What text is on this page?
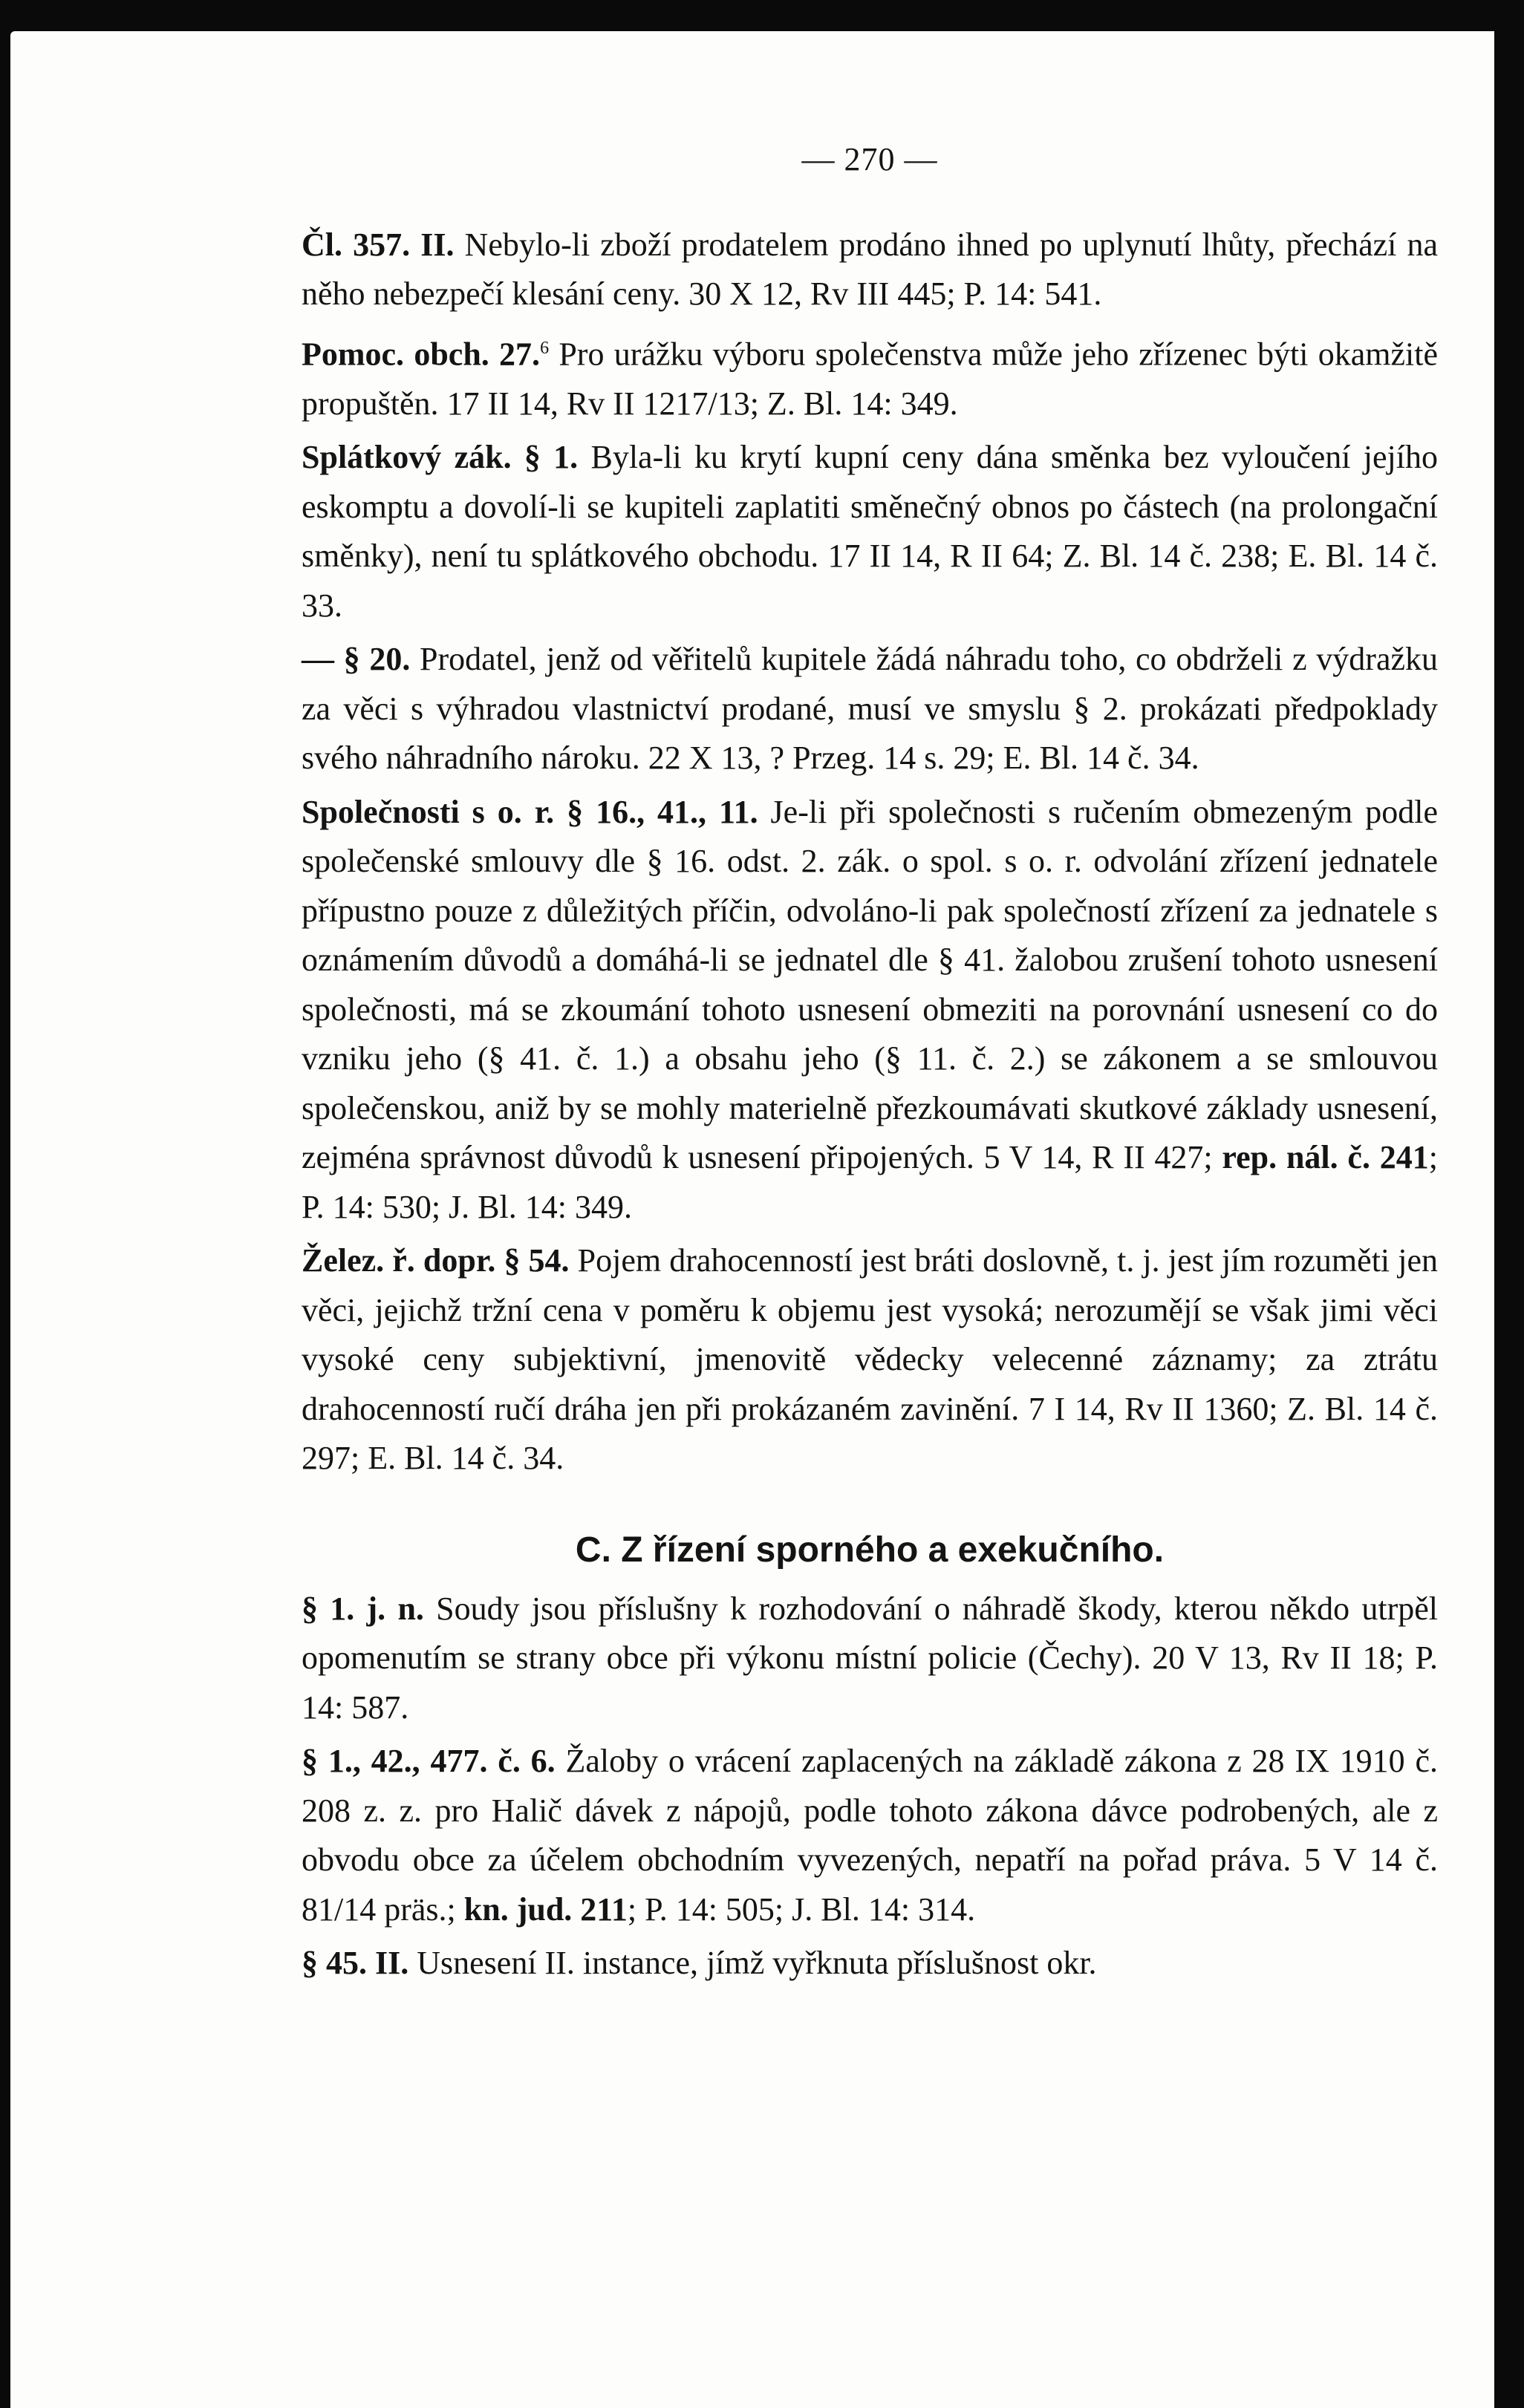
— 270 —

Čl. 357. II. Nebylo-li zboží prodatelem prodáno ihned po uplynutí lhůty, přechází na něho nebezpečí klesání ceny. 30 X 12, Rv III 445; P. 14: 541.

Pomoc. obch. 27.$^6$ Pro urážku výboru společenstva může jeho zřízenec býti okamžitě propuštěn. 17 II 14, Rv II 1217/13; Z. Bl. 14: 349.

Splátkový zák. § 1. Byla-li ku krytí kupní ceny dána směnka bez vyloučení jejího eskomptu a dovolí-li se kupiteli zaplatiti směnečný obnos po částech (na prolongační směnky), není tu splátkového obchodu. 17 II 14, R II 64; Z. Bl. 14 č. 238; E. Bl. 14 č. 33.

— § 20. Prodatel, jenž od věřitelů kupitele žádá náhradu toho, co obdrželi z výdražku za věci s výhradou vlastnictví prodané, musí ve smyslu § 2. prokázati předpoklady svého náhradního nároku. 22 X 13, ? Przeg. 14 s. 29; E. Bl. 14 č. 34.

Společnosti s o. r. § 16., 41., 11. Je-li při společnosti s ručením obmezeným podle společenské smlouvy dle § 16. odst. 2. zák. o spol. s o. r. odvolání zřízení jednatele přípustno pouze z důležitých příčin, odvoláno-li pak společností zřízení za jednatele s oznámením důvodů a domáhá-li se jednatel dle § 41. žalobou zrušení tohoto usnesení společnosti, má se zkoumání tohoto usnesení obmeziti na porovnání usnesení co do vzniku jeho (§ 41. č. 1.) a obsahu jeho (§ 11. č. 2.) se zákonem a se smlouvou společenskou, aniž by se mohly materielně přezkoumávati skutkové základy usnesení, zejména správnost důvodů k usnesení připojených. 5 V 14, R II 427; rep. nál. č. 241; P. 14: 530; J. Bl. 14: 349.

Želez. ř. dopr. § 54. Pojem drahocenností jest bráti doslovně, t. j. jest jím rozuměti jen věci, jejichž tržní cena v poměru k objemu jest vysoká; nerozumějí se však jimi věci vysoké ceny subjektivní, jmenovitě vědecky velecenné záznamy; za ztrátu drahocenností ručí dráha jen při prokázaném zavinění. 7 I 14, Rv II 1360; Z. Bl. 14 č. 297; E. Bl. 14 č. 34.

C. Z řízení sporného a exekučního.

§ 1. j. n. Soudy jsou příslušny k rozhodování o náhradě škody, kterou někdo utrpěl opomenutím se strany obce při výkonu místní policie (Čechy). 20 V 13, Rv II 18; P. 14: 587.

§ 1., 42., 477. č. 6. Žaloby o vrácení zaplacených na základě zákona z 28 IX 1910 č. 208 z. z. pro Halič dávek z nápojů, podle tohoto zákona dávce podrobených, ale z obvodu obce za účelem obchodním vyvezených, nepatří na pořad práva. 5 V 14 č. 81/14 präs.; kn. jud. 211; P. 14: 505; J. Bl. 14: 314.

§ 45. II. Usnesení II. instance, jímž vyřknuta příslušnost okr.
